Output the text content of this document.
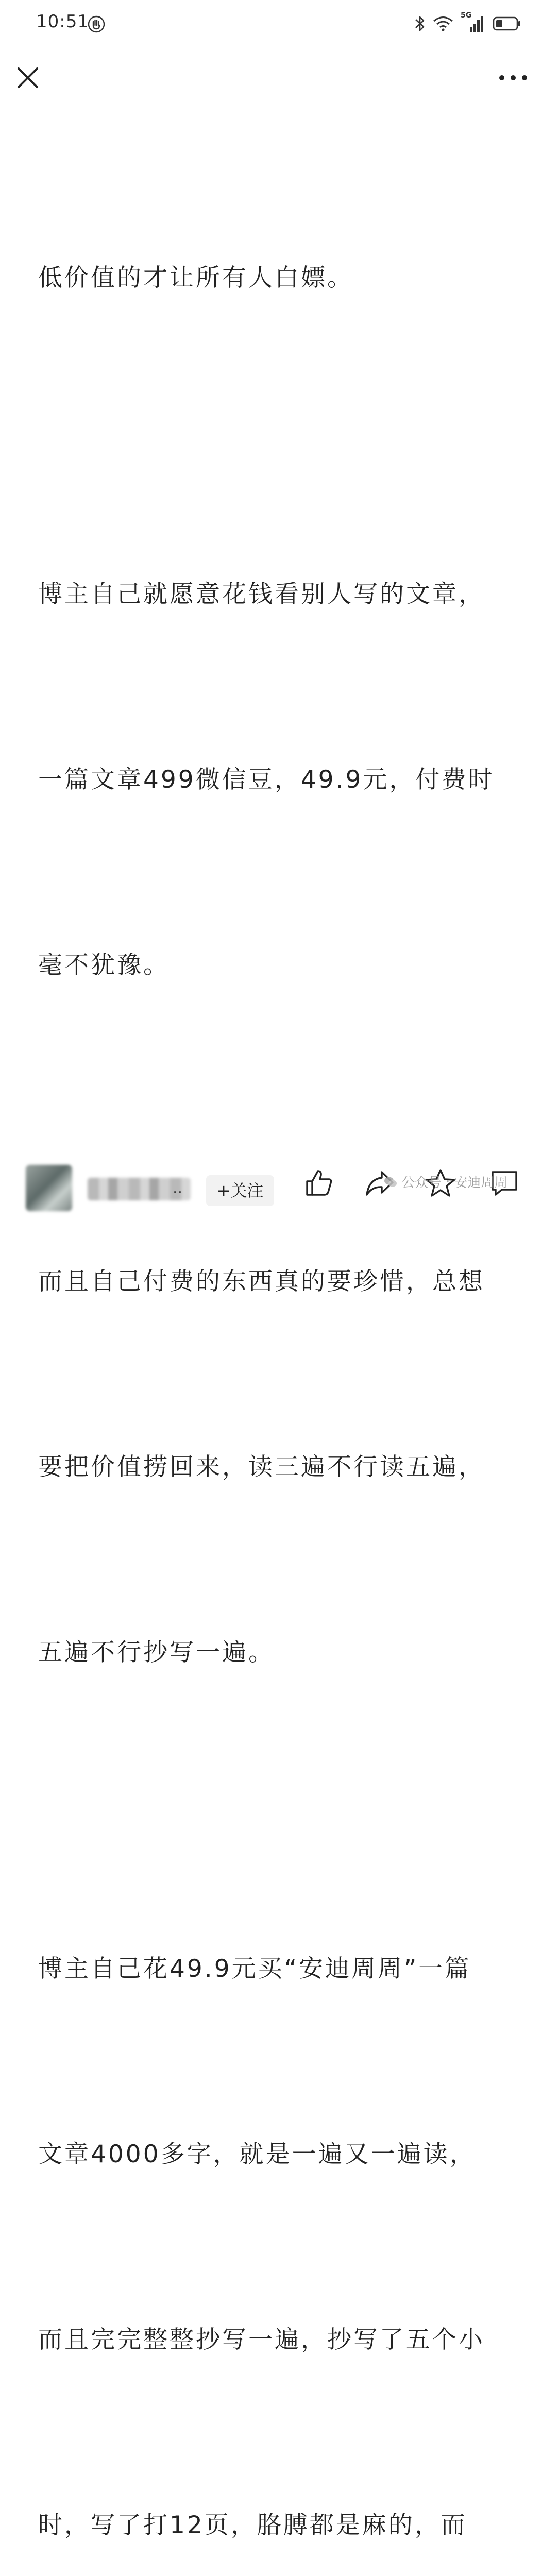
10:51	5G

低价值的才让所有人白嫖。

博主自己就愿意花钱看别人写的文章，

一篇文章499微信豆，49.9元，付费时

毫不犹豫。

而且自己付费的东西真的要珍惜，总想

要把价值捞回来，读三遍不行读五遍，

五遍不行抄写一遍。

博主自己花49.9元买“安迪周周”一篇

文章4000多字，就是一遍又一遍读，

而且完完整整抄写一遍，抄写了五个小

时，写了打12页，胳膊都是麻的，而

..	+关注	公众号 · 安迪周周
